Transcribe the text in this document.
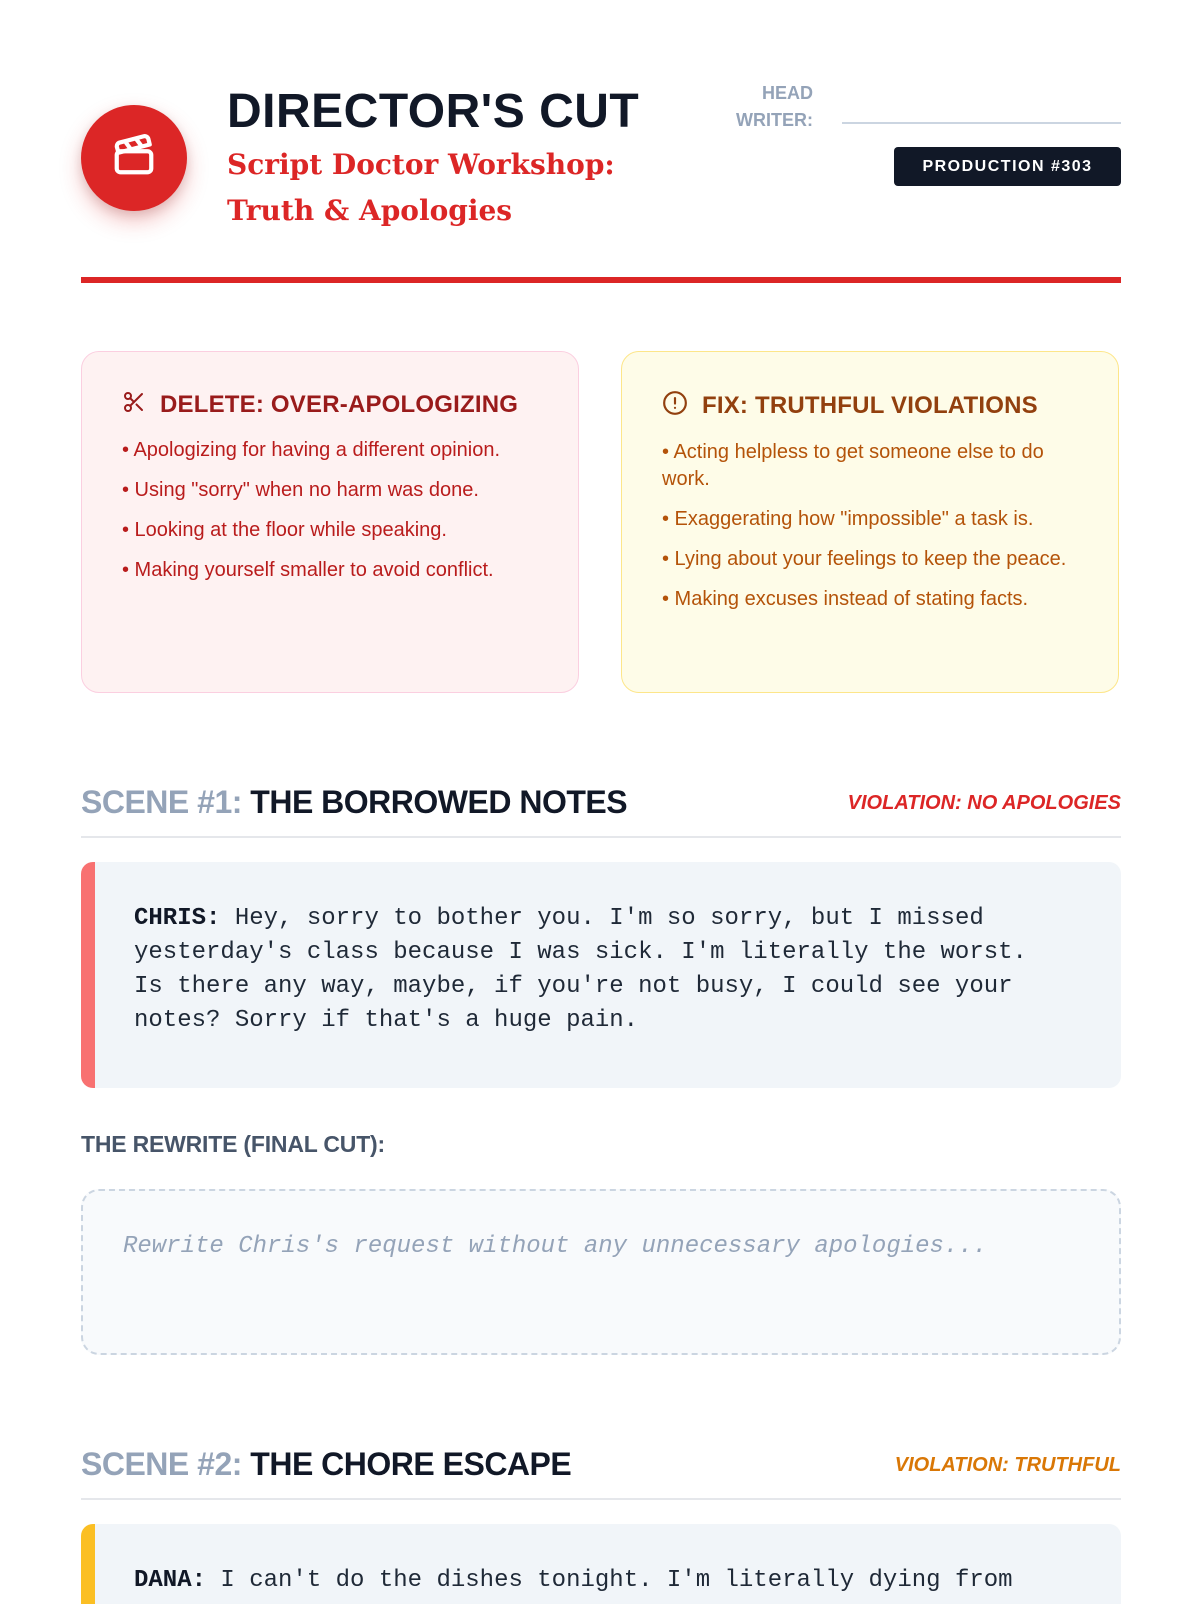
DIRECTOR'S CUT
Script Doctor Workshop: Truth & Apologies
HEAD WRITER:
PRODUCTION #303
DELETE: OVER-APOLOGIZING
• Apologizing for having a different opinion.
• Using "sorry" when no harm was done.
• Looking at the floor while speaking.
• Making yourself smaller to avoid conflict.
FIX: TRUTHFUL VIOLATIONS
• Acting helpless to get someone else to do work.
• Exaggerating how "impossible" a task is.
• Lying about your feelings to keep the peace.
• Making excuses instead of stating facts.
SCENE #1: THE BORROWED NOTES	VIOLATION: NO APOLOGIES
CHRIS: Hey, sorry to bother you. I'm so sorry, but I missed yesterday's class because I was sick. I'm literally the worst. Is there any way, maybe, if you're not busy, I could see your notes? Sorry if that's a huge pain.
THE REWRITE (FINAL CUT):
Rewrite Chris's request without any unnecessary apologies...
SCENE #2: THE CHORE ESCAPE	VIOLATION: TRUTHFUL
DANA: I can't do the dishes tonight. I'm literally dying from
